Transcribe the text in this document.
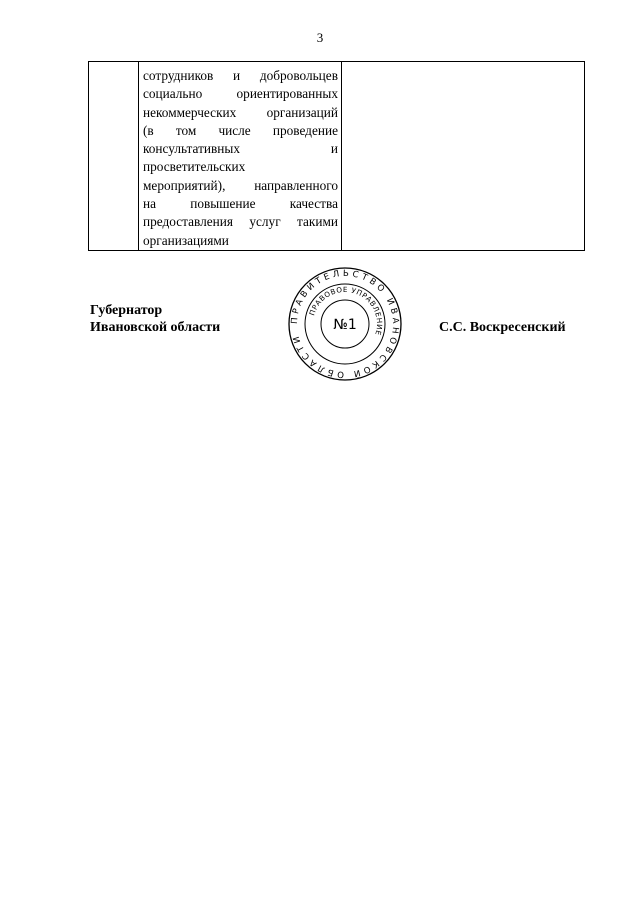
3

сотрудников и добровольцев
социально	ориентированных
некоммерческих организаций
(в том числе проведение
консультативных	и
просветительских
мероприятий), направленного
на	повышение	качества
предоставления услуг такими
организациями

Губернатор
Ивановской области	С.С. Воскресенский
ПРАВИТЕЛЬСТВО ИВАНОВСКОЙ ОБЛАСТИ
ПРАВОВОЕ УПРАВЛЕНИЕ
№1
